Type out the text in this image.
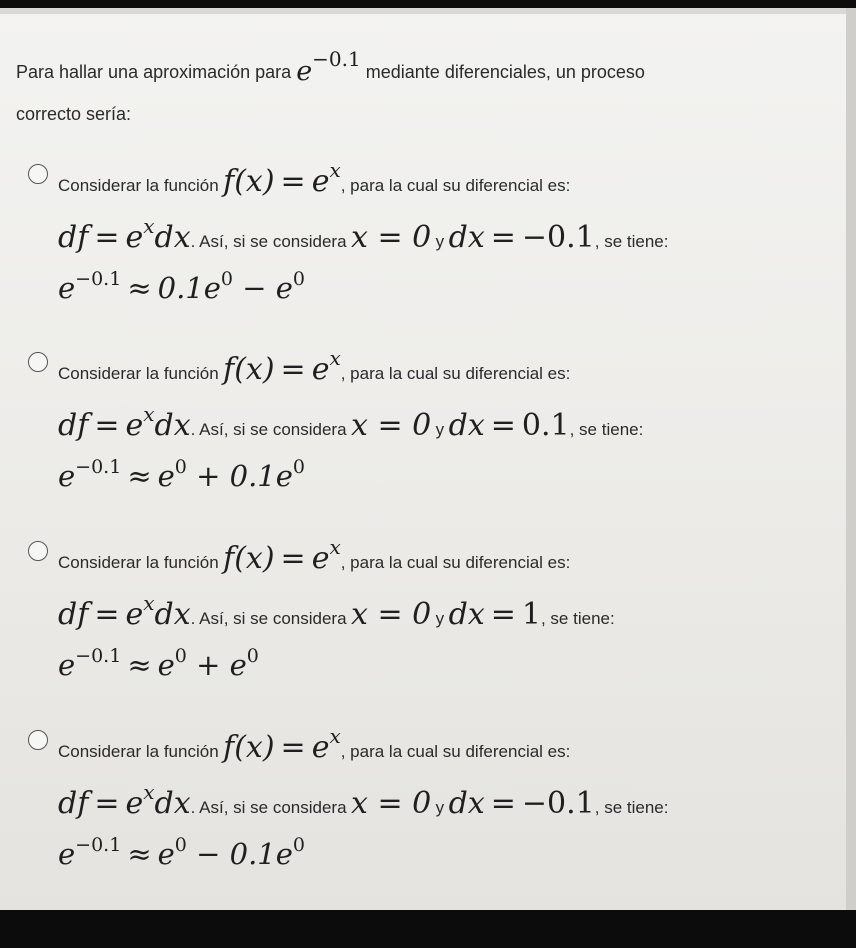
Para hallar una aproximación para $e^{-0.1}$ mediante diferenciales, un proceso
correcto sería:
Considerar la función $f(x) = e^x$, para la cual su diferencial es:
df = $e^xdx$. Así, si se considera x = 0 y dx = −0.1, se tiene:
$e^{-0.1} \approx 0.1e^0 - e^0$
Considerar la función $f(x) = e^x$, para la cual su diferencial es:
df = $e^xdx$. Así, si se considera x = 0 y dx = 0.1, se tiene:
$e^{-0.1} \approx e^0 + 0.1e^0$
Considerar la función $f(x) = e^x$, para la cual su diferencial es:
df = $e^xdx$. Así, si se considera x = 0 y dx = 1, se tiene:
$e^{-0.1} \approx e^0 + e^0$
Considerar la función $f(x) = e^x$, para la cual su diferencial es:
df = $e^xdx$. Así, si se considera x = 0 y dx = −0.1, se tiene:
$e^{-0.1} \approx e^0 - 0.1e^0$
